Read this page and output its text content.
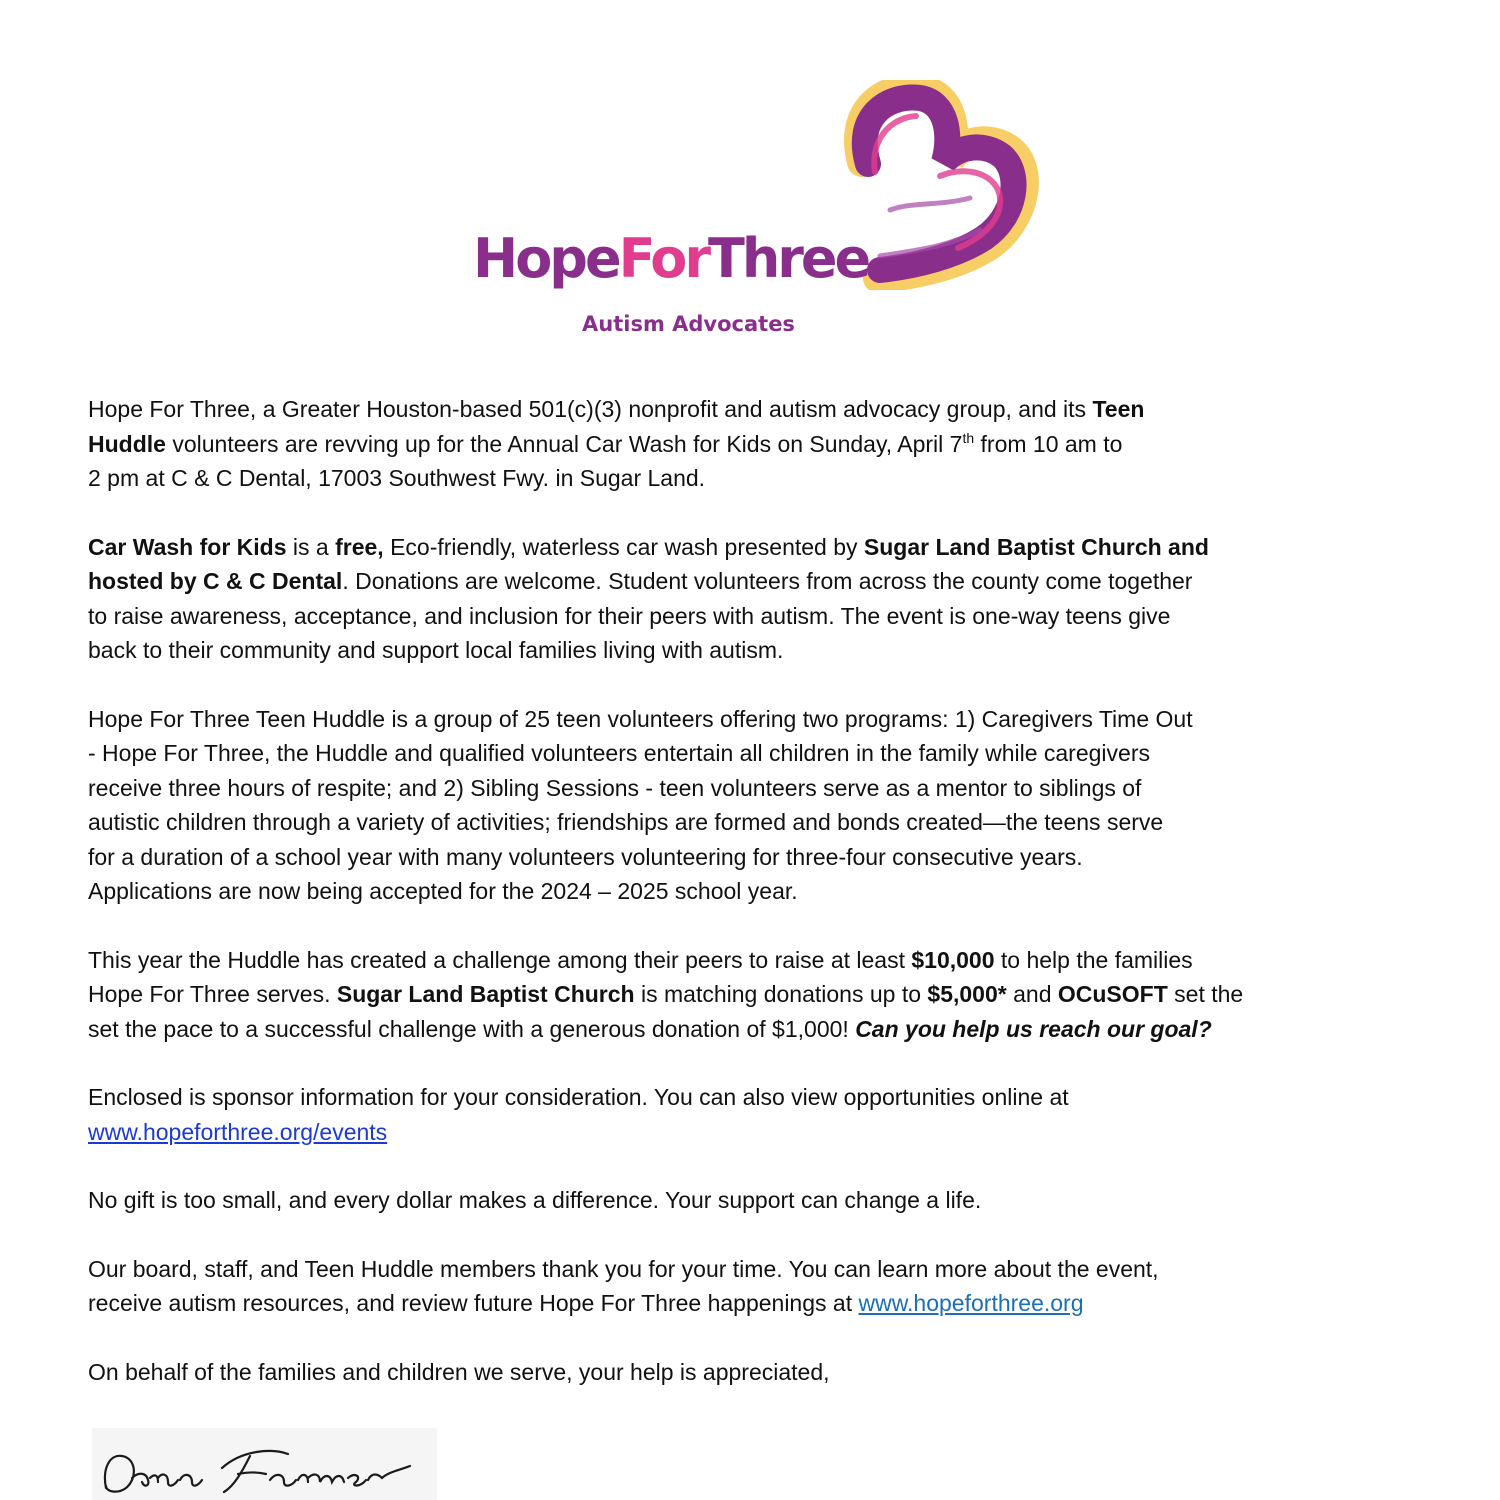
HopeForThree
Autism Advocates

Hope For Three, a Greater Houston-based 501(c)(3) nonprofit and autism advocacy group, and its Teen
Huddle volunteers are revving up for the Annual Car Wash for Kids on Sunday, April 7th from 10 am to
2 pm at C & C Dental, 17003 Southwest Fwy. in Sugar Land.

Car Wash for Kids is a free, Eco-friendly, waterless car wash presented by Sugar Land Baptist Church and
hosted by C & C Dental. Donations are welcome. Student volunteers from across the county come together
to raise awareness, acceptance, and inclusion for their peers with autism. The event is one-way teens give
back to their community and support local families living with autism.

Hope For Three Teen Huddle is a group of 25 teen volunteers offering two programs: 1) Caregivers Time Out
- Hope For Three, the Huddle and qualified volunteers entertain all children in the family while caregivers
receive three hours of respite; and 2) Sibling Sessions - teen volunteers serve as a mentor to siblings of
autistic children through a variety of activities; friendships are formed and bonds created—the teens serve
for a duration of a school year with many volunteers volunteering for three-four consecutive years.
Applications are now being accepted for the 2024 – 2025 school year.

This year the Huddle has created a challenge among their peers to raise at least $10,000 to help the families
Hope For Three serves. Sugar Land Baptist Church is matching donations up to $5,000* and OCuSOFT set the
set the pace to a successful challenge with a generous donation of $1,000! Can you help us reach our goal?

Enclosed is sponsor information for your consideration. You can also view opportunities online at
www.hopeforthree.org/events

No gift is too small, and every dollar makes a difference. Your support can change a life.

Our board, staff, and Teen Huddle members thank you for your time. You can learn more about the event,
receive autism resources, and review future Hope For Three happenings at www.hopeforthree.org

On behalf of the families and children we serve, your help is appreciated,
